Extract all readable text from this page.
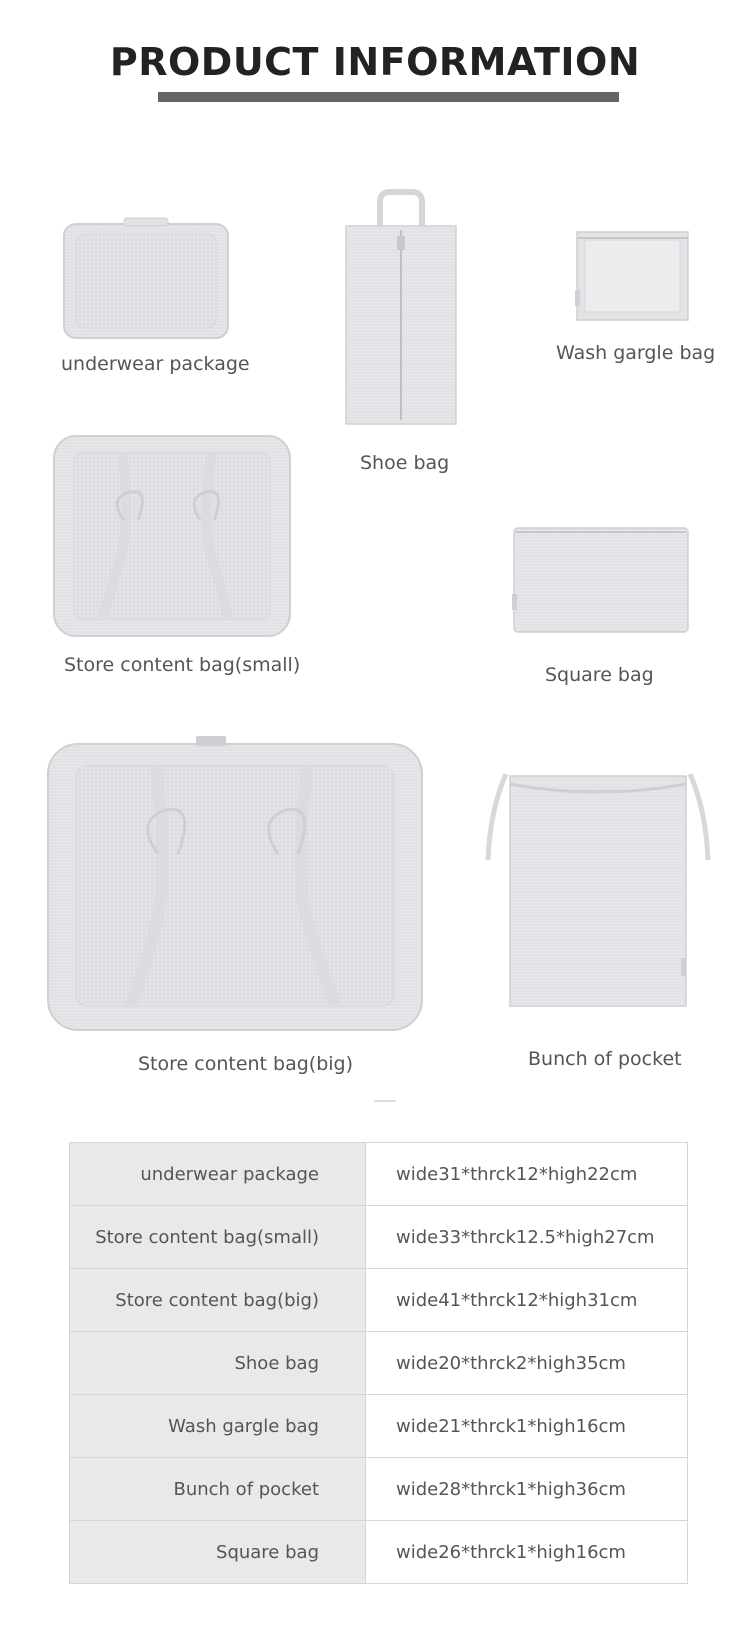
PRODUCT INFORMATION
underwear package
Shoe bag
Wash gargle bag
Store content bag(small)	Square bag
Store content bag(big)	Bunch of pocket
underwear package	wide31*thrck12*high22cm
Store content bag(small)	wide33*thrck12.5*high27cm
Store content bag(big)	wide41*thrck12*high31cm
Shoe bag	wide20*thrck2*high35cm
Wash gargle bag	wide21*thrck1*high16cm
Bunch of pocket	wide28*thrck1*high36cm
Square bag	wide26*thrck1*high16cm
